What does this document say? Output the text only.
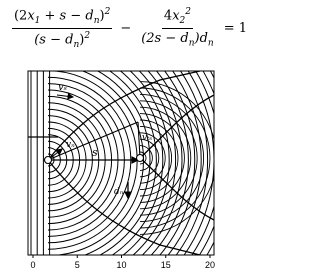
$\frac{(2x_1 + s - d_n)^2}{(s - d_n)^2} - \frac{4x_2^2}{(2s - d_n)d_n} = 1$
0	5	10	15	20
vₛ
vₙ
s
dₙ
vₜₛ
